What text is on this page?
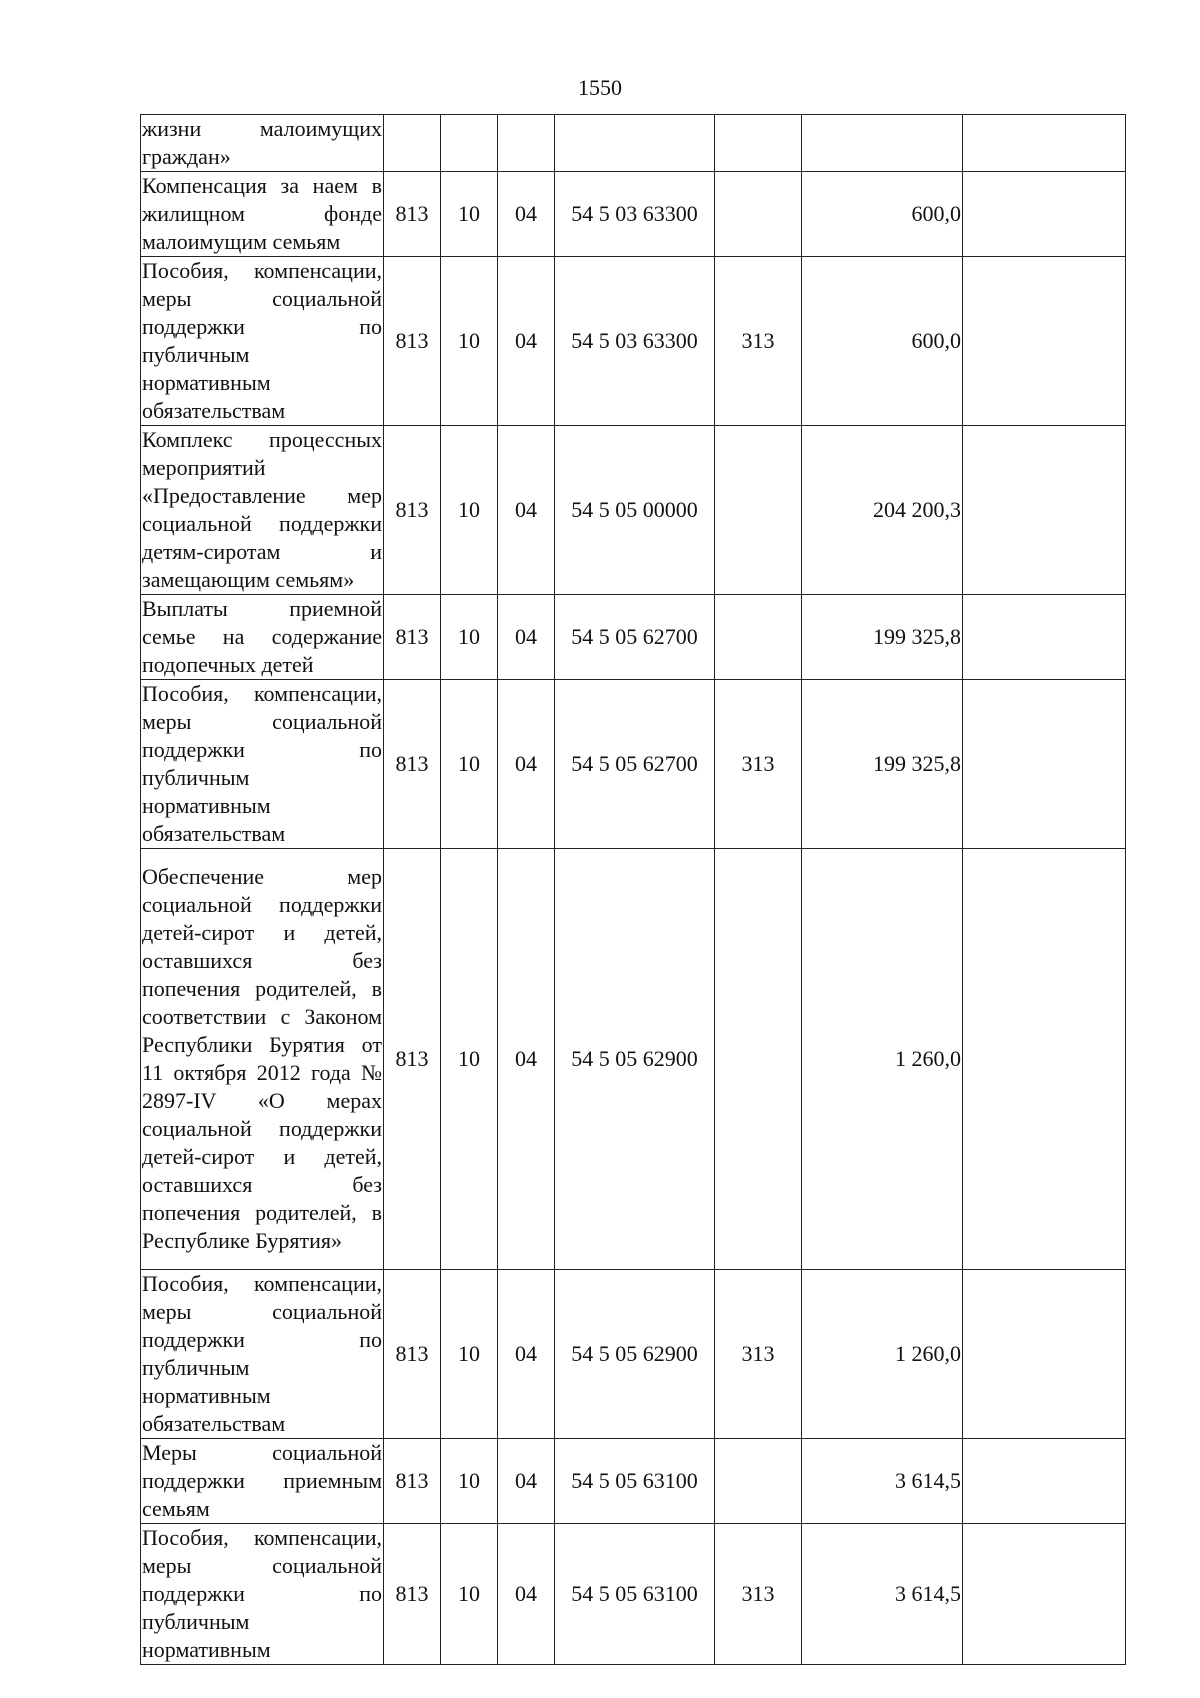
1550
жизни малоимущих граждан»							
Компенсация за наем в жилищном фонде малоимущим семьям	813	10	04	54 5 03 63300		600,0	
Пособия, компенсации, меры социальной поддержки по публичным нормативным обязательствам	813	10	04	54 5 03 63300	313	600,0	
Комплекс процессных мероприятий «Предоставление мер социальной поддержки детям-сиротам и замещающим семьям»	813	10	04	54 5 05 00000		204 200,3	
Выплаты приемной семье на содержание подопечных детей	813	10	04	54 5 05 62700		199 325,8	
Пособия, компенсации, меры социальной поддержки по публичным нормативным обязательствам	813	10	04	54 5 05 62700	313	199 325,8	
Обеспечение мер социальной поддержки детей-сирот и детей, оставшихся без попечения родителей, в соответствии с Законом Республики Бурятия от 11 октября 2012 года № 2897-IV «О мерах социальной поддержки детей-сирот и детей, оставшихся без попечения родителей, в Республике Бурятия»	813	10	04	54 5 05 62900		1 260,0	
Пособия, компенсации, меры социальной поддержки по публичным нормативным обязательствам	813	10	04	54 5 05 62900	313	1 260,0	
Меры социальной поддержки приемным семьям	813	10	04	54 5 05 63100		3 614,5	
Пособия, компенсации, меры социальной поддержки по публичным нормативным	813	10	04	54 5 05 63100	313	3 614,5	
